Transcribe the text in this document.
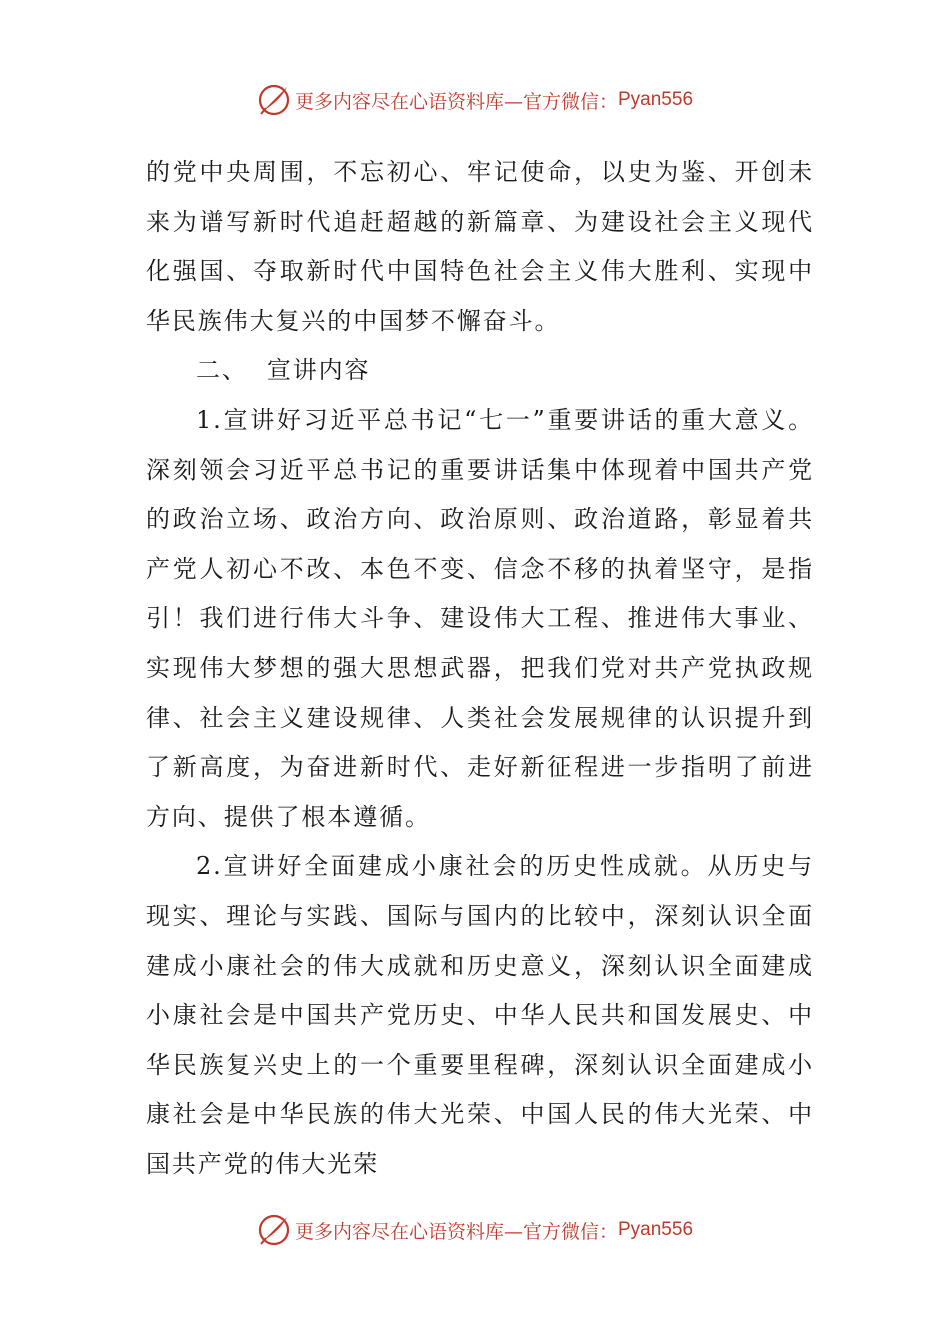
更多内容尽在心语资料库—官方微信： Pyan556

的党中央周围，不忘初心、牢记使命，以史为鉴、开创未来为谱写新时代追赶超越的新篇章、为建设社会主义现代化强国、夺取新时代中国特色社会主义伟大胜利、实现中华民族伟大复兴的中国梦不懈奋斗。

二、  宣讲内容

1.宣讲好习近平总书记“七一”重要讲话的重大意义。深刻领会习近平总书记的重要讲话集中体现着中国共产党的政治立场、政治方向、政治原则、政治道路，彰显着共产党人初心不改、本色不变、信念不移的执着坚守，是指引！我们进行伟大斗争、建设伟大工程、推进伟大事业、实现伟大梦想的强大思想武器，把我们党对共产党执政规律、社会主义建设规律、人类社会发展规律的认识提升到了新高度，为奋进新时代、走好新征程进一步指明了前进方向、提供了根本遵循。

2.宣讲好全面建成小康社会的历史性成就。从历史与现实、理论与实践、国际与国内的比较中，深刻认识全面建成小康社会的伟大成就和历史意义，深刻认识全面建成小康社会是中国共产党历史、中华人民共和国发展史、中华民族复兴史上的一个重要里程碑，深刻认识全面建成小康社会是中华民族的伟大光荣、中国人民的伟大光荣、中国共产党的伟大光荣

更多内容尽在心语资料库—官方微信： Pyan556
